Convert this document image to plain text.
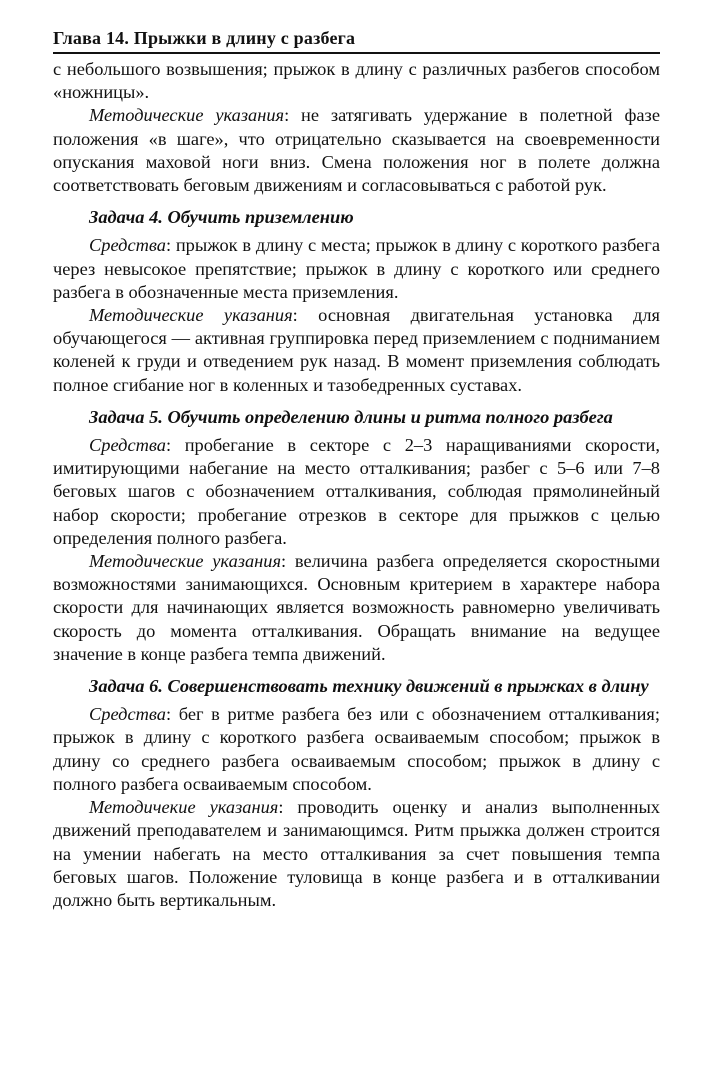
Глава 14. Прыжки в длину с разбега

с небольшого возвышения; прыжок в длину с различных разбегов способом «ножницы».

Методические указания: не затягивать удержание в полетной фазе положения «в шаге», что отрицательно сказывается на своевременности опускания маховой ноги вниз. Смена положения ног в полете должна соответствовать беговым движениям и согласовываться с работой рук.

Задача 4. Обучить приземлению

Средства: прыжок в длину с места; прыжок в длину с короткого разбега через невысокое препятствие; прыжок в длину с короткого или среднего разбега в обозначенные места приземления.

Методические указания: основная двигательная установка для обучающегося — активная группировка перед приземлением с подниманием коленей к груди и отведением рук назад. В момент приземления соблюдать полное сгибание ног в коленных и тазобедренных суставах.

Задача 5. Обучить определению длины и ритма полного разбега

Средства: пробегание в секторе с 2–3 наращиваниями скорости, имитирующими набегание на место отталкивания; разбег с 5–6 или 7–8 беговых шагов с обозначением отталкивания, соблюдая прямолинейный набор скорости; пробегание отрезков в секторе для прыжков с целью определения полного разбега.

Методические указания: величина разбега определяется скоростными возможностями занимающихся. Основным критерием в характере набора скорости для начинающих является возможность равномерно увеличивать скорость до момента отталкивания. Обращать внимание на ведущее значение в конце разбега темпа движений.

Задача 6. Совершенствовать технику движений в прыжках в длину

Средства: бег в ритме разбега без или с обозначением отталкивания; прыжок в длину с короткого разбега осваиваемым способом; прыжок в длину со среднего разбега осваиваемым способом; прыжок в длину с полного разбега осваиваемым способом.

Методичекие указания: проводить оценку и анализ выполненных движений преподавателем и занимающимся. Ритм прыжка должен строится на умении набегать на место отталкивания за счет повышения темпа беговых шагов. Положение туловища в конце разбега и в отталкивании должно быть вертикальным.
